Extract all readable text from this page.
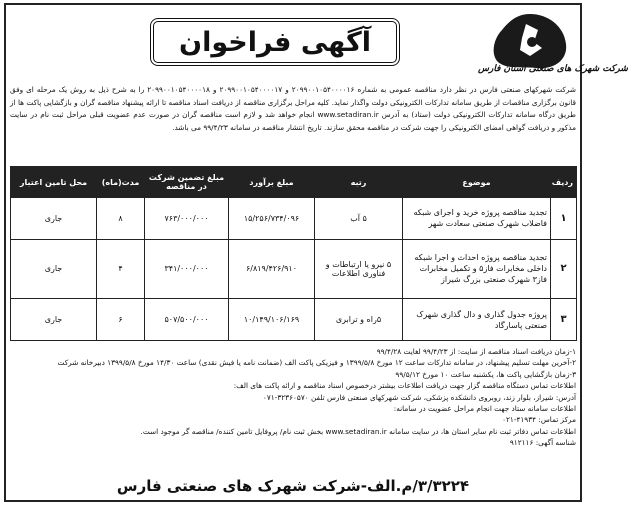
شرکت شهرک های صنعتی استان فارس
آگهی فراخوان
شرکت شهرکهای صنعتی فارس در نظر دارد مناقصه عمومی به شماره ۲۰۹۹۰۰۱۰۵۴۰۰۰۰۱۶ و ۲۰۹۹۰۰۱۰۵۴۰۰۰۰۱۷ و ۲۰۹۹۰۰۱۰۵۴۰۰۰۰۱۸ را به شرح ذیل به روش یک مرحله ای وفق قانون برگزاری مناقصات از طریق سامانه تدارکات الکترونیکی دولت واگذار نماید. کلیه مراحل برگزاری مناقصه از دریافت اسناد مناقصه تا ارائه پیشنهاد مناقصه گران و بازگشایی پاکت ها از طریق درگاه سامانه تدارکات الکترونیکی دولت (ستاد) به آدرس www.setadiran.ir انجام خواهد شد و لازم است مناقصه گران در صورت عدم عضویت قبلی مراحل ثبت نام در سایت مذکور و دریافت گواهی امضای الکترونیکی را جهت شرکت در مناقصه محقق سازند. تاریخ انتشار مناقصه در سامانه ۹۹/۴/۲۳ می باشد.
ردیف	موضوع	رتبه	مبلغ برآورد	مبلغ تضمین شرکت در مناقصه	مدت(ماه)	محل تامین اعتبار
۱	تجدید مناقصه پروژه خرید و اجرای شبکه فاضلاب شهرک صنعتی سعادت شهر	۵ آب	۱۵/۲۵۶/۷۳۴/۰۹۶	۷۶۳/۰۰۰/۰۰۰	۸	جاری
۲	تجدید مناقصه پروژه احداث و اجرا شبکه داخلی مخابرات فاز۵ و تکمیل مخابرات فاز۳ شهرک صنعتی بزرگ شیراز	۵ نیرو یا ارتباطات و فناوری اطلاعات	۶/۸۱۹/۴۲۶/۹۱۰	۳۴۱/۰۰۰/۰۰۰	۴	جاری
۳	پروژه جدول گذاری و دال گذاری شهرک صنعتی پاسارگاد	۵راه و ترابری	۱۰/۱۴۹/۱۰۶/۱۶۹	۵۰۷/۵۰۰/۰۰۰	۶	جاری

۱-زمان دریافت اسناد مناقصه از سایت: از ۹۹/۴/۲۳ لغایت ۹۹/۴/۲۸

۲-آخرین مهلت تسلیم پیشنهاد، در سامانه تدارکات ساعت ۱۲ مورخ ۱۳۹۹/۵/۸ و فیزیکی پاکت الف (ضمانت نامه یا فیش نقدی) ساعت ۱۴/۳۰ مورخ ۱۳۹۹/۵/۸ دبیرخانه شرکت

۳-زمان بازگشایی پاکت ها، یکشنبه ساعت ۱۰ مورخ ۹۹/۵/۱۲

اطلاعات تماس دستگاه مناقصه گزار جهت دریافت اطلاعات بیشتر درخصوص اسناد مناقصه و ارائه پاکت های الف:

آدرس: شیراز، بلوار زند، روبروی دانشکده پزشکی، شرکت شهرکهای صنعتی فارس تلفن ۳۲۳۶۰۵۷۰-۰۷۱

اطلاعات سامانه ستاد جهت انجام مراحل عضویت در سامانه:

مرکز تماس: ۴۱۹۳۴-۰۲۱

اطلاعات تماس دفاتر ثبت نام سایر استان ها، در سایت سامانه www.setadiran.ir بخش ثبت نام/ پروفایل تامین کننده/ مناقصه گر موجود است.

شناسه آگهی: ۹۱۲۱۱۶

۳/۳۲۲۴/م.الف-شرکت شهرک های صنعتی فارس
